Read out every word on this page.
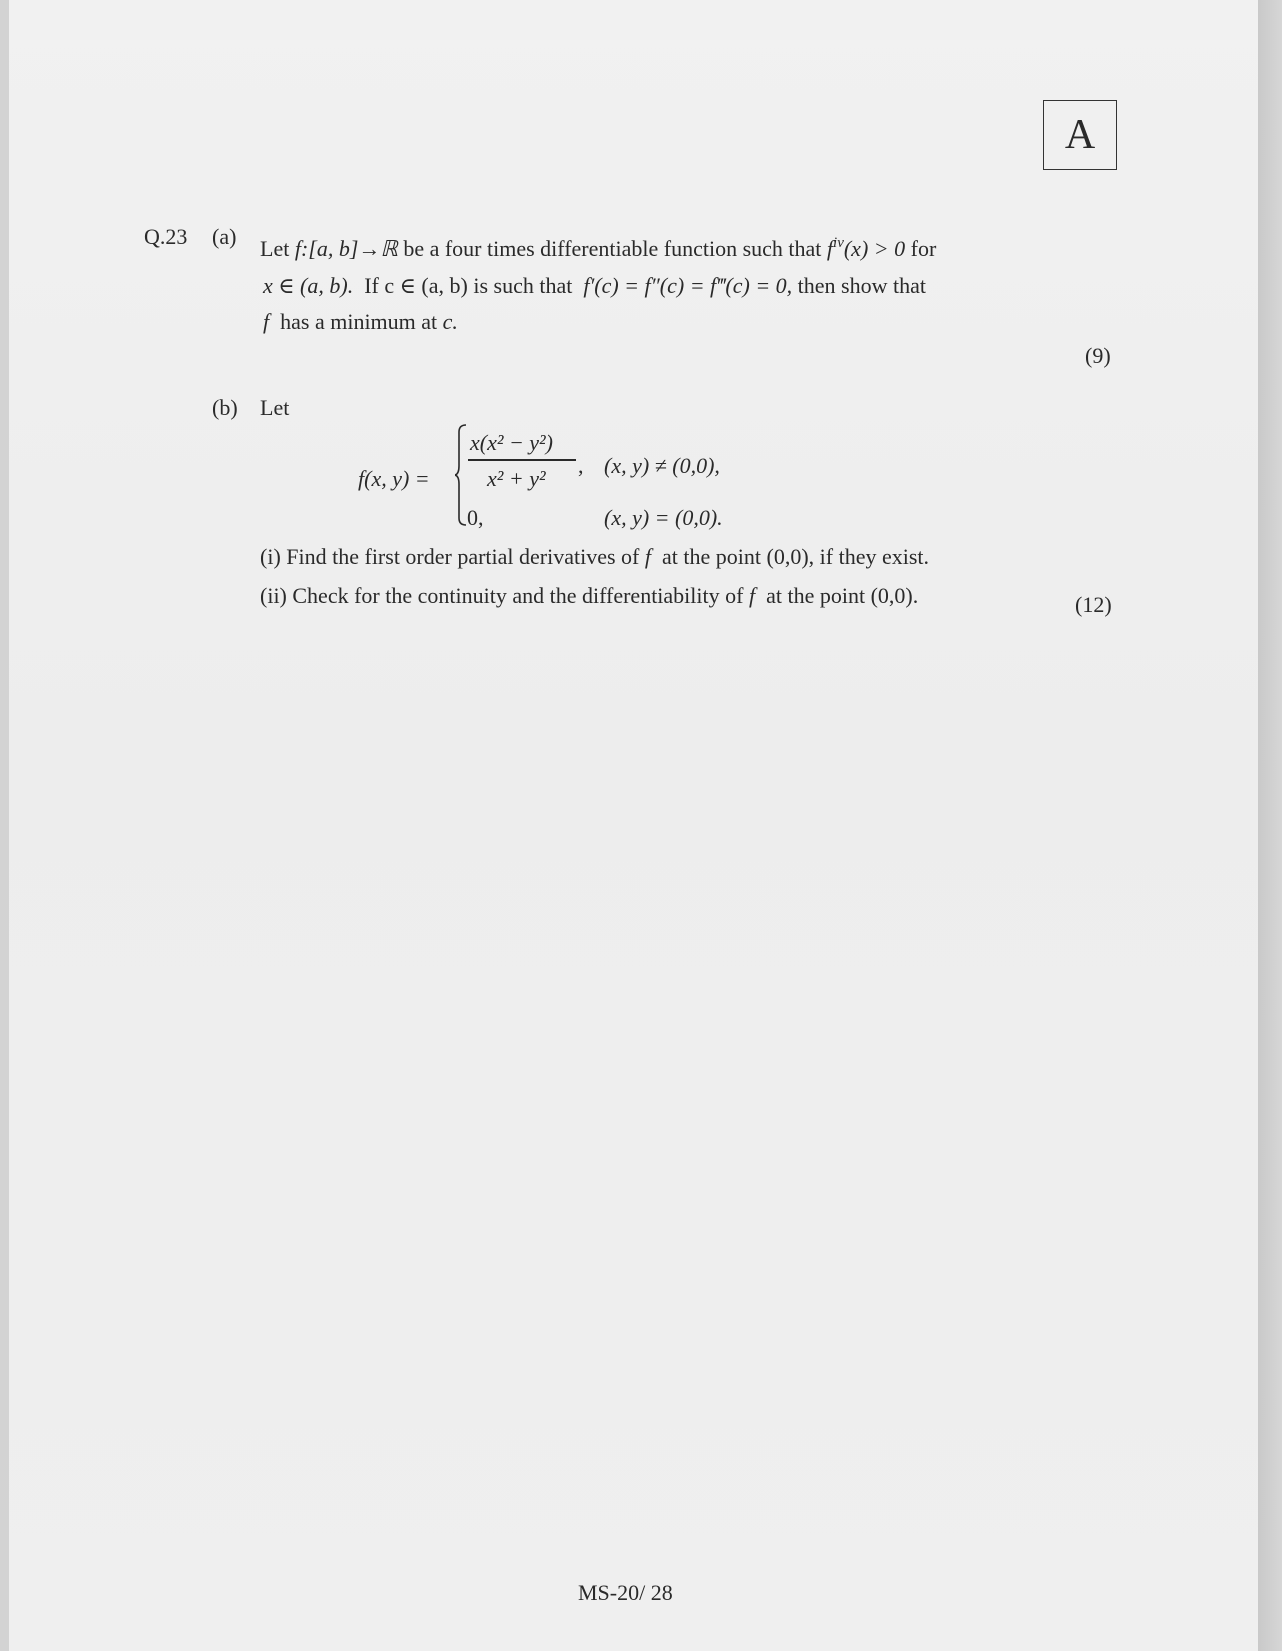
A
Q.23 (a) Let f:[a, b]→ℝ be a four times differentiable function such that $f^{iv}(x) > 0$ for
x ∈ (a, b). If c ∈ (a, b) is such that f′(c) = f″(c) = f‴(c) = 0, then show that
f has a minimum at c.
(9)
(b) Let
f(x, y) =
x(x² − y²)
x² + y²
, (x, y) ≠ (0,0),
0,	(x, y) = (0,0).
(i) Find the first order partial derivatives of f at the point (0,0), if they exist.
(ii) Check for the continuity and the differentiability of f at the point (0,0).	(12)
MS-20/ 28
